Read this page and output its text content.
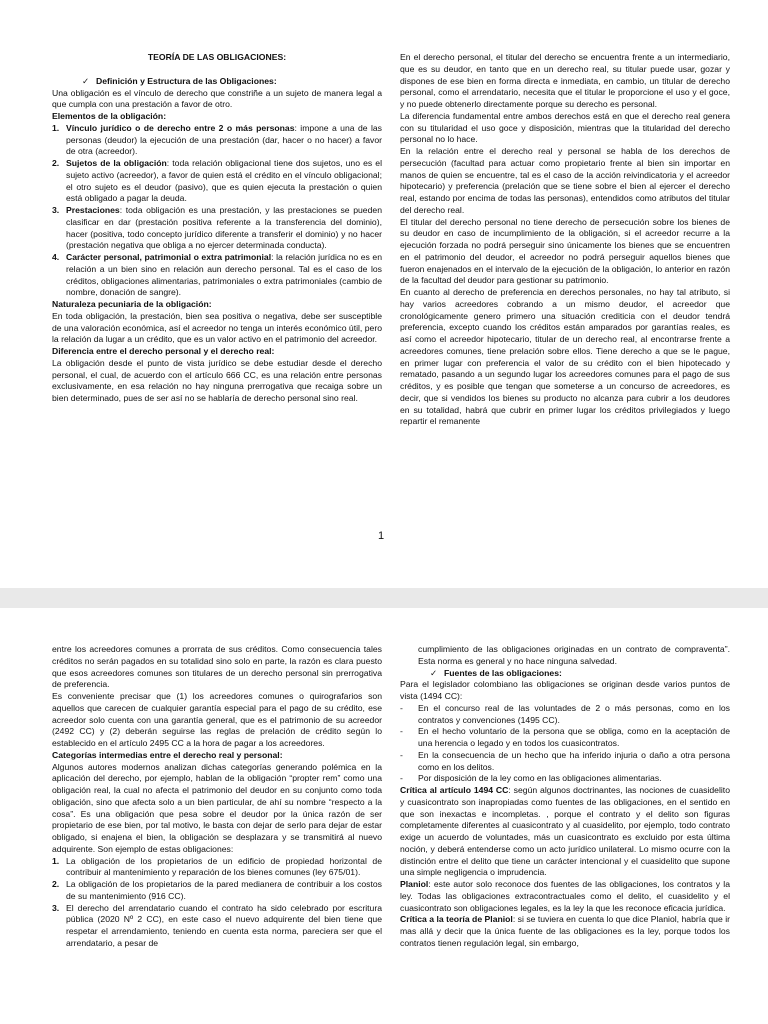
TEORÍA DE LAS OBLIGACIONES:

✓ Definición y Estructura de las Obligaciones:

Una obligación es el vínculo de derecho que constriñe a un sujeto de manera legal a que cumpla con una prestación a favor de otro.

Elementos de la obligación:

1. Vínculo jurídico o de derecho entre 2 o más personas: impone a una de las personas (deudor) la ejecución de una prestación (dar, hacer o no hacer) a favor de otra (acreedor).
2. Sujetos de la obligación: toda relación obligacional tiene dos sujetos, uno es el sujeto activo (acreedor), a favor de quien está el crédito en el vínculo obligacional; el otro sujeto es el deudor (pasivo), que es quien ejecuta la prestación o quien está obligado a pagar la deuda.
3. Prestaciones: toda obligación es una prestación, y las prestaciones se pueden clasificar en dar (prestación positiva referente a la transferencia del dominio), hacer (positiva, todo concepto jurídico diferente a transferir el dominio) y no hacer (prestación negativa que obliga a no ejercer determinada conducta).
4. Carácter personal, patrimonial o extra patrimonial: la relación jurídica no es en relación a un bien sino en relación aun derecho personal. Tal es el caso de los créditos, obligaciones alimentarias, patrimoniales o extra patrimoniales (cambio de nombre, donación de sangre).

Naturaleza pecuniaria de la obligación:

En toda obligación, la prestación, bien sea positiva o negativa, debe ser susceptible de una valoración económica, así el acreedor no tenga un interés económico útil, pero la relación da lugar a un crédito, que es un valor activo en el patrimonio del acreedor.

Diferencia entre el derecho personal y el derecho real:

La obligación desde el punto de vista jurídico se debe estudiar desde el derecho personal, el cual, de acuerdo con el artículo 666 CC, es una relación entre personas exclusivamente, en esa relación no hay ninguna prerrogativa que recaiga sobre un bien determinado, pues de ser así no se hablaría de derecho personal sino real.

En el derecho personal, el titular del derecho se encuentra frente a un intermediario, que es su deudor, en tanto que en un derecho real, su titular puede usar, gozar y dispones de ese bien en forma directa e inmediata, en cambio, un titular de derecho personal, como el arrendatario, necesita que el titular le proporcione el uso y el goce, y no puede obtenerlo directamente porque su derecho es personal.

La diferencia fundamental entre ambos derechos está en que el derecho real genera con su titularidad el uso goce y disposición, mientras que la titularidad del derecho personal no lo hace.

En la relación entre el derecho real y personal se habla de los derechos de persecución (facultad para actuar como propietario frente al bien sin importar en manos de quien se encuentre, tal es el caso de la acción reivindicatoria y el acreedor hipotecario) y preferencia (prelación que se tiene sobre el bien al ejercer el derecho real, estando por encima de todas las personas), entendidos como atributos del titular del derecho real.

El titular del derecho personal no tiene derecho de persecución sobre los bienes de su deudor en caso de incumplimiento de la obligación, si el acreedor recurre a la ejecución forzada no podrá perseguir sino únicamente los bienes que se encuentren en el patrimonio del deudor, el acreedor no podrá perseguir aquellos bienes que fueron enajenados en el intervalo de la ejecución de la obligación, lo anterior en razón de la facultad del deudor para gestionar su patrimonio.

En cuanto al derecho de preferencia en derechos personales, no hay tal atributo, si hay varios acreedores cobrando a un mismo deudor, el acreedor que cronológicamente genero primero una situación crediticia con el deudor tendrá preferencia, excepto cuando los créditos están amparados por garantías reales, es así como el acreedor hipotecario, titular de un derecho real, al encontrarse frente a acreedores comunes, tiene prelación sobre ellos. Tiene derecho a que se le pague, en primer lugar con preferencia el valor de su crédito con el bien hipotecado y rematado, pasando a un segundo lugar los acreedores comunes para el pago de sus créditos, y es posible que tengan que someterse a un concurso de acreedores, es decir, que si vendidos los bienes su producto no alcanza para cubrir a los deudores en su totalidad, habrá que cubrir en primer lugar los créditos privilegiados y luego repartir el remanente

1

entre los acreedores comunes a prorrata de sus créditos. Como consecuencia tales créditos no serán pagados en su totalidad sino solo en parte, la razón es clara puesto que esos acreedores comunes son titulares de un derecho personal sin prerrogativa de preferencia.

Es conveniente precisar que (1) los acreedores comunes o quirografarios son aquellos que carecen de cualquier garantía especial para el pago de su crédito, ese acreedor solo cuenta con una garantía general, que es el patrimonio de su acreedor (2492 CC) y (2) deberán seguirse las reglas de prelación de crédito según lo establecido en el artículo 2495 CC a la hora de pagar a los acreedores.

Categorías intermedias entre el derecho real y personal:

Algunos autores modernos analizan dichas categorías generando polémica en la aplicación del derecho, por ejemplo, hablan de la obligación “propter rem” como una obligación real, la cual no afecta el patrimonio del deudor en su conjunto como toda obligación, sino que afecta solo a un bien particular, de ahí su nombre “respecto a la cosa”. Es una obligación que pesa sobre el deudor por la única razón de ser propietario de ese bien, por tal motivo, le basta con dejar de serlo para dejar de estar obligado, si enajena el bien, la obligación se desplazara y se transmitirá al nuevo adquirente. Son ejemplo de estas obligaciones:

1. La obligación de los propietarios de un edificio de propiedad horizontal de contribuir al mantenimiento y reparación de los bienes comunes (ley 675/01).
2. La obligación de los propietarios de la pared medianera de contribuir a los costos de su mantenimiento (916 CC).
3. El derecho del arrendatario cuando el contrato ha sido celebrado por escritura pública (2020 Nº 2 CC), en este caso el nuevo adquirente del bien tiene que respetar el arrendamiento, teniendo en cuenta esta norma, pareciera ser que el arrendatario, a pesar de

cumplimiento de las obligaciones originadas en un contrato de compraventa”. Esta norma es general y no hace ninguna salvedad.

✓ Fuentes de las obligaciones:

Para el legislador colombiano las obligaciones se originan desde varios puntos de vista (1494 CC):

- En el concurso real de las voluntades de 2 o más personas, como en los contratos y convenciones (1495 CC).
- En el hecho voluntario de la persona que se obliga, como en la aceptación de una herencia o legado y en todos los cuasicontratos.
- En la consecuencia de un hecho que ha inferido injuria o daño a otra persona como en los delitos.
- Por disposición de la ley como en las obligaciones alimentarias.

Crítica al artículo 1494 CC: según algunos doctrinantes, las nociones de cuasidelito y cuasicontrato son inapropiadas como fuentes de las obligaciones, en el sentido en que son inexactas e incompletas. , porque el contrato y el delito son figuras completamente diferentes al cuasicontrato y al cuasidelito, por ejemplo, todo contrato exige un acuerdo de voluntades, más un cuasicontrato es excluido por esta última noción, y deberá entenderse como un acto jurídico unilateral. Lo mismo ocurre con la distinción entre el delito que tiene un carácter intencional y el cuasidelito que supone una simple negligencia o imprudencia.

Planiol: este autor solo reconoce dos fuentes de las obligaciones, los contratos y la ley. Todas las obligaciones extracontractuales como el delito, el cuasidelito y el cuasicontrato son obligaciones legales, es la ley la que les reconoce eficacia jurídica.

Crítica a la teoría de Planiol: si se tuviera en cuenta lo que dice Planiol, habría que ir mas allá y decir que la única fuente de las obligaciones es la ley, porque todos los contratos tienen regulación legal, sin embargo,
